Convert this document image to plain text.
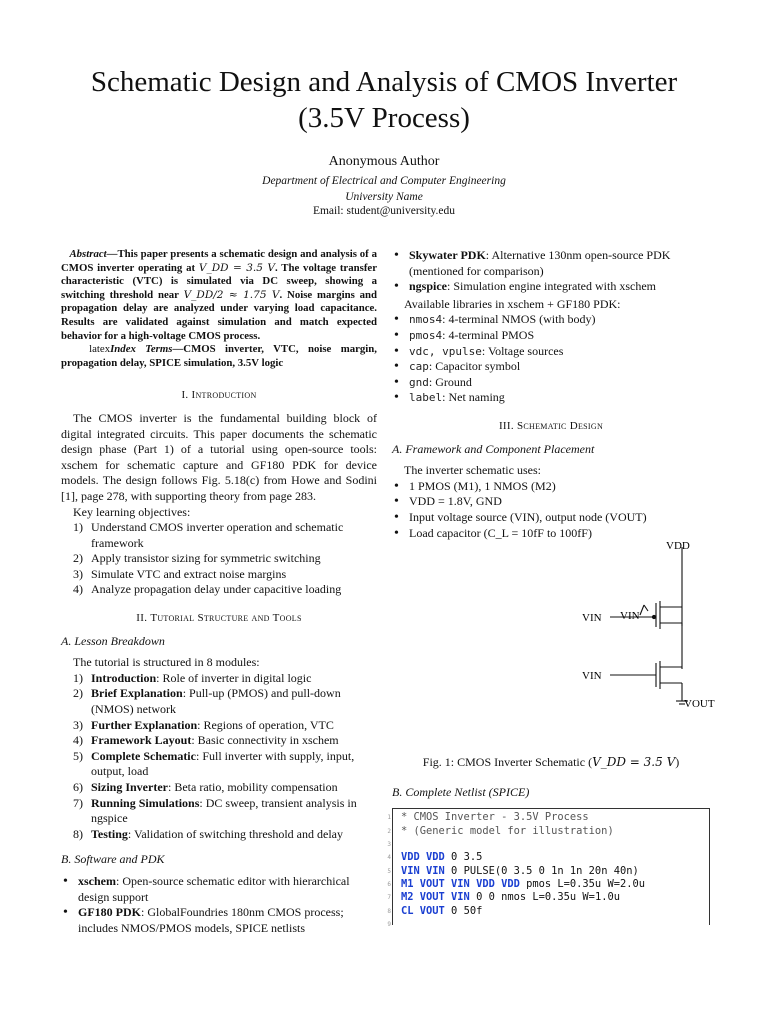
Schematic Design and Analysis of CMOS Inverter
(3.5V Process)
Anonymous Author
Department of Electrical and Computer Engineering
University Name
Email: student@university.edu
Abstract—This paper presents a schematic design and analysis of a CMOS inverter operating at V_DD = 3.5 V. The voltage transfer characteristic (VTC) is simulated via DC sweep, showing a switching threshold near V_DD/2 ≈ 1.75 V. Noise margins and propagation delay are analyzed under varying load capacitance. Results are validated against simulation and match expected behavior for a high-voltage CMOS process.
latexIndex Terms—CMOS inverter, VTC, noise margin, propagation delay, SPICE simulation, 3.5V logic
I. Introduction

The CMOS inverter is the fundamental building block of digital integrated circuits. This paper documents the schematic design phase (Part 1) of a tutorial using open-source tools: xschem for schematic capture and GF180 PDK for device models. The design follows Fig. 5.18(c) from Howe and Sodini [1], page 278, with supporting theory from page 283.

Key learning objectives:

1) Understand CMOS inverter operation and schematic framework
2) Apply transistor sizing for symmetric switching
3) Simulate VTC and extract noise margins
4) Analyze propagation delay under capacitive loading
II. Tutorial Structure and Tools
A. Lesson Breakdown

The tutorial is structured in 8 modules:

1) Introduction: Role of inverter in digital logic
2) Brief Explanation: Pull-up (PMOS) and pull-down (NMOS) network
3) Further Explanation: Regions of operation, VTC
4) Framework Layout: Basic connectivity in xschem
5) Complete Schematic: Full inverter with supply, input, output, load
6) Sizing Inverter: Beta ratio, mobility compensation
7) Running Simulations: DC sweep, transient analysis in ngspice
8) Testing: Validation of switching threshold and delay
B. Software and PDK
• xschem: Open-source schematic editor with hierarchical design support
• GF180 PDK: GlobalFoundries 180nm CMOS process; includes NMOS/PMOS models, SPICE netlists
• Skywater PDK: Alternative 130nm open-source PDK (mentioned for comparison)
• ngspice: Simulation engine integrated with xschem

Available libraries in xschem + GF180 PDK:

• nmos4: 4-terminal NMOS (with body)
• pmos4: 4-terminal PMOS
• vdc, vpulse: Voltage sources
• cap: Capacitor symbol
• gnd: Ground
• label: Net naming
III. Schematic Design
A. Framework and Component Placement

The inverter schematic uses:

• 1 PMOS (M1), 1 NMOS (M2)
• VDD = 1.8V, GND
• Input voltage source (VIN), output node (VOUT)
• Load capacitor (C_L = 10fF to 100fF)
VDD
VIN VIN
VIN
VOUT
Fig. 1: CMOS Inverter Schematic (V_DD = 3.5 V)
B. Complete Netlist (SPICE)
1 * CMOS Inverter - 3.5V Process
2 * (Generic model for illustration)
3
4 VDD VDD 0 3.5
5 VIN VIN 0 PULSE(0 3.5 0 1n 1n 20n 40n)
6 M1 VOUT VIN VDD VDD pmos L=0.35u W=2.0u
7 M2 VOUT VIN 0 0 nmos L=0.35u W=1.0u
8 CL VOUT 0 50f
9
